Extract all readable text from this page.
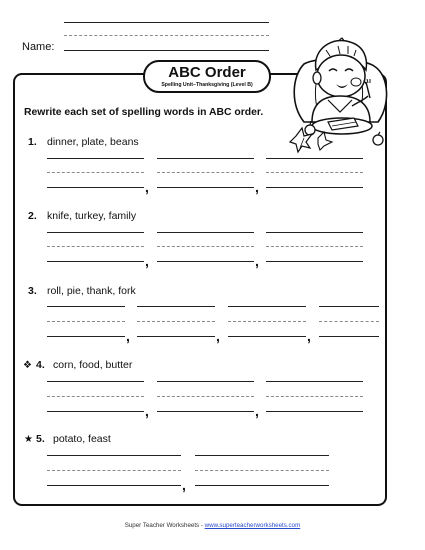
Name:
ABC Order
Spelling Unit–Thanksgiving (Level B)
Rewrite each set of spelling words in ABC order.
1. dinner, plate, beans
,	,
2. knife, turkey, family
,	,
3. roll, pie, thank, fork
,	,	,
❖ 4. corn, food, butter
,	,
★ 5. potato, feast
,
Super Teacher Worksheets - www.superteacherworksheets.com
